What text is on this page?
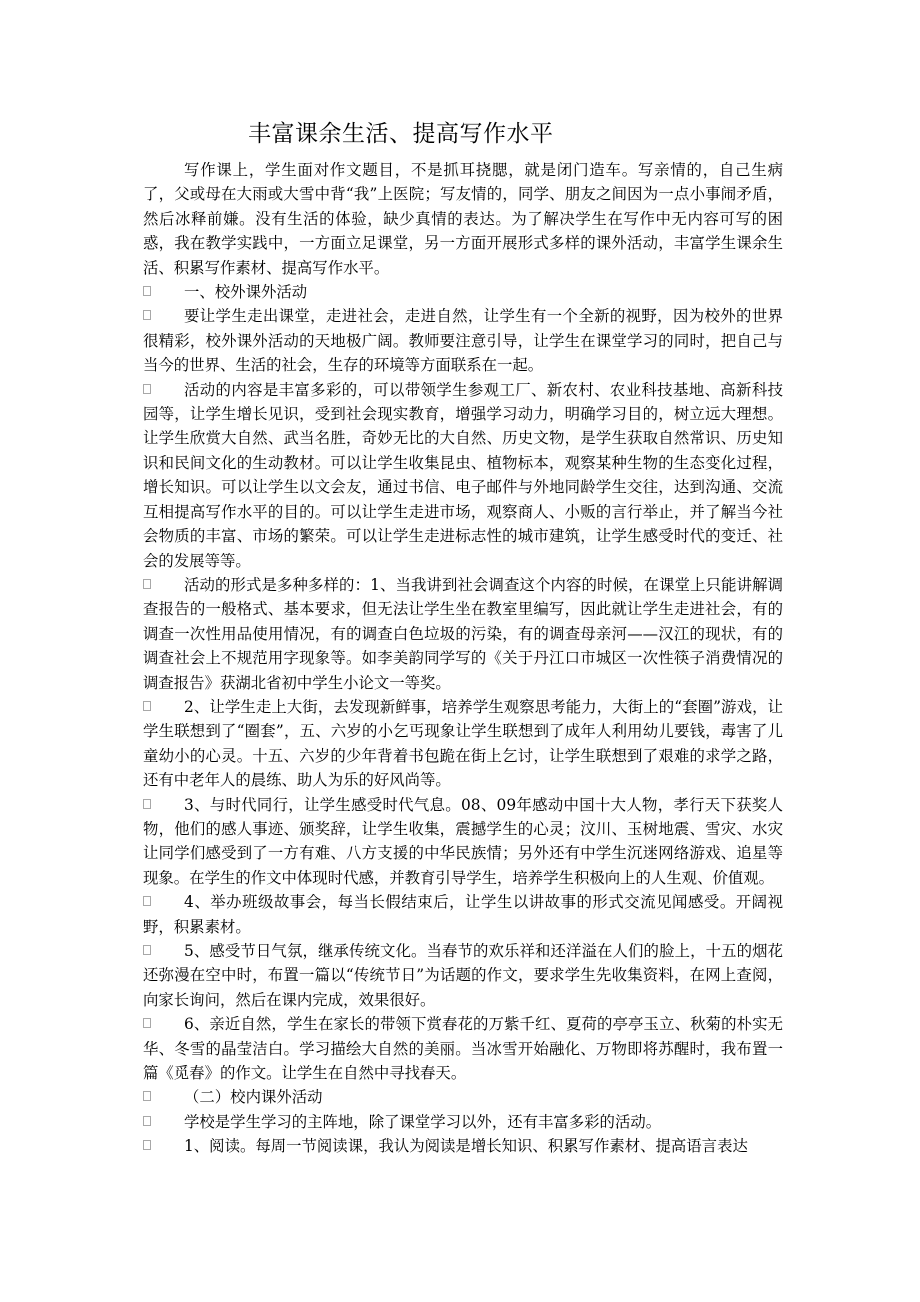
丰富课余生活、提高写作水平

写作课上，学生面对作文题目，不是抓耳挠腮，就是闭门造车。写亲情的，自己生病了，父或母在大雨或大雪中背“我”上医院；写友情的，同学、朋友之间因为一点小事闹矛盾，然后冰释前嫌。没有生活的体验，缺少真情的表达。为了解决学生在写作中无内容可写的困惑，我在教学实践中，一方面立足课堂，另一方面开展形式多样的课外活动，丰富学生课余生活、积累写作素材、提高写作水平。

一、校外课外活动

要让学生走出课堂，走进社会，走进自然，让学生有一个全新的视野，因为校外的世界很精彩，校外课外活动的天地极广阔。教师要注意引导，让学生在课堂学习的同时，把自己与当今的世界、生活的社会，生存的环境等方面联系在一起。

活动的内容是丰富多彩的，可以带领学生参观工厂、新农村、农业科技基地、高新科技园等，让学生增长见识，受到社会现实教育，增强学习动力，明确学习目的，树立远大理想。让学生欣赏大自然、武当名胜，奇妙无比的大自然、历史文物，是学生获取自然常识、历史知识和民间文化的生动教材。可以让学生收集昆虫、植物标本，观察某种生物的生态变化过程，增长知识。可以让学生以文会友，通过书信、电子邮件与外地同龄学生交往，达到沟通、交流互相提高写作水平的目的。可以让学生走进市场，观察商人、小贩的言行举止，并了解当今社会物质的丰富、市场的繁荣。可以让学生走进标志性的城市建筑，让学生感受时代的变迁、社会的发展等等。

活动的形式是多种多样的：1、当我讲到社会调查这个内容的时候，在课堂上只能讲解调查报告的一般格式、基本要求，但无法让学生坐在教室里编写，因此就让学生走进社会，有的调查一次性用品使用情况，有的调查白色垃圾的污染，有的调查母亲河——汉江的现状，有的调查社会上不规范用字现象等。如李美韵同学写的《关于丹江口市城区一次性筷子消费情况的调查报告》获湖北省初中学生小论文一等奖。

2、让学生走上大街，去发现新鲜事，培养学生观察思考能力，大街上的“套圈”游戏，让学生联想到了“圈套”，五、六岁的小乞丐现象让学生联想到了成年人利用幼儿要钱，毒害了儿童幼小的心灵。十五、六岁的少年背着书包跪在街上乞讨，让学生联想到了艰难的求学之路，还有中老年人的晨练、助人为乐的好风尚等。

3、与时代同行，让学生感受时代气息。08、09年感动中国十大人物，孝行天下获奖人物，他们的感人事迹、颁奖辞，让学生收集，震撼学生的心灵；汶川、玉树地震、雪灾、水灾让同学们感受到了一方有难、八方支援的中华民族情；另外还有中学生沉迷网络游戏、追星等现象。在学生的作文中体现时代感，并教育引导学生，培养学生积极向上的人生观、价值观。

4、举办班级故事会，每当长假结束后，让学生以讲故事的形式交流见闻感受。开阔视野，积累素材。

5、感受节日气氛，继承传统文化。当春节的欢乐祥和还洋溢在人们的脸上，十五的烟花还弥漫在空中时，布置一篇以“传统节日”为话题的作文，要求学生先收集资料，在网上查阅，向家长询问，然后在课内完成，效果很好。

6、亲近自然，学生在家长的带领下赏春花的万紫千红、夏荷的亭亭玉立、秋菊的朴实无华、冬雪的晶莹洁白。学习描绘大自然的美丽。当冰雪开始融化、万物即将苏醒时，我布置一篇《觅春》的作文。让学生在自然中寻找春天。

（二）校内课外活动

学校是学生学习的主阵地，除了课堂学习以外，还有丰富多彩的活动。

1、阅读。每周一节阅读课，我认为阅读是增长知识、积累写作素材、提高语言表达
